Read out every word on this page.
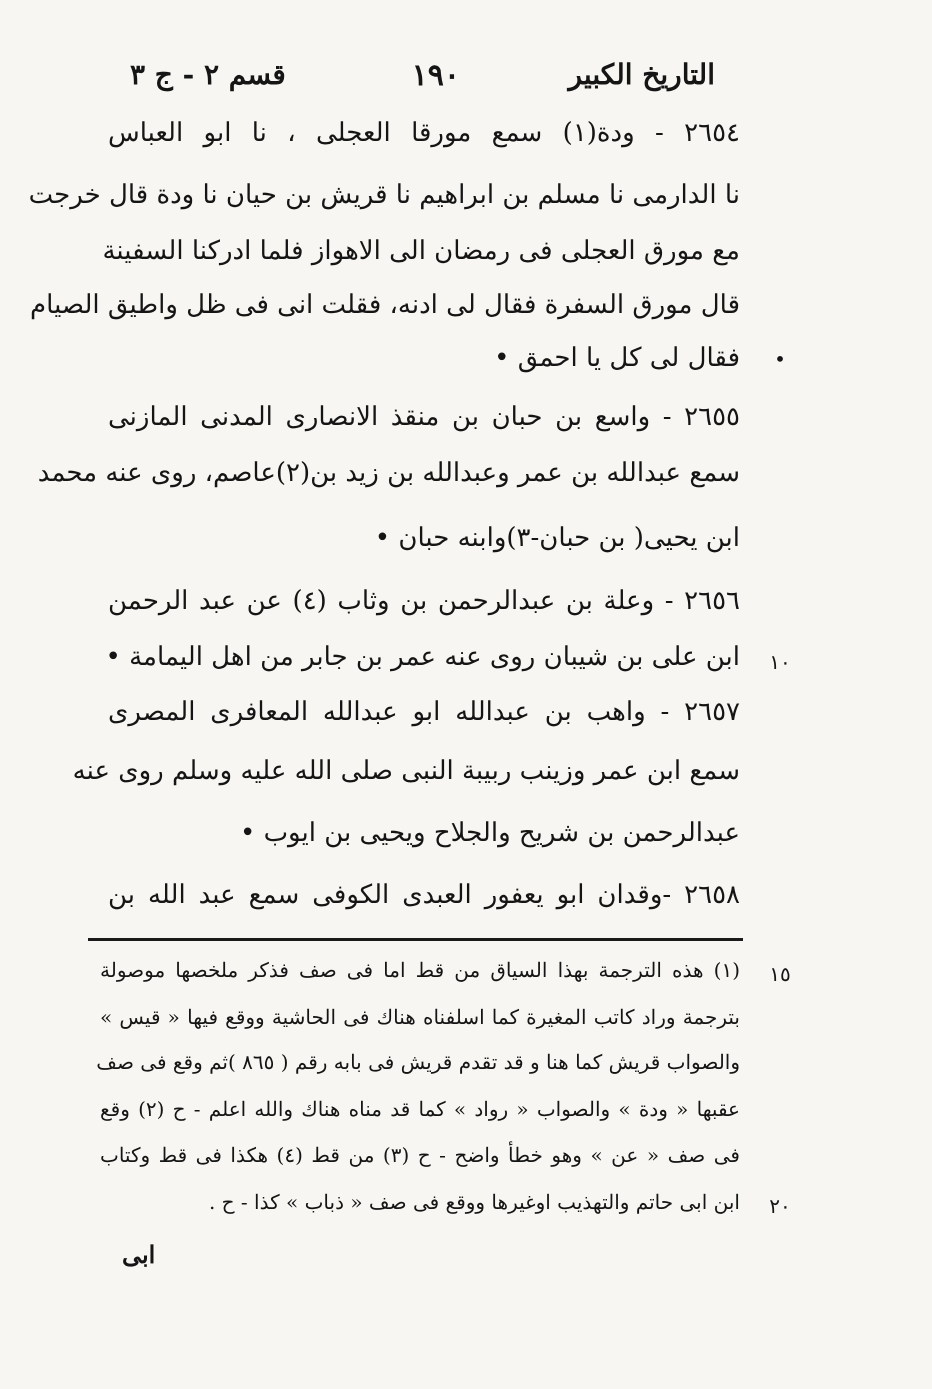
التاريخ الكبير
١٩٠
قسم ٢ - ج ٣
٢٦٥٤ - ودة(١) سمع مورقا العجلى ، نا ابو العباس
نا الدارمى نا مسلم بن ابراهيم نا قريش بن حيان نا ودة قال خرجت
مع مورق العجلى فى رمضان الى الاهواز فلما ادركنا السفينة
قال مورق السفرة فقال لى ادنه، فقلت انى فى ظل واطيق الصيام
فقال لى كل يا احمق •	•
٢٦٥٥ - واسع بن حبان بن منقذ الانصارى المدنى المازنى
سمع عبدالله بن عمر وعبدالله بن زيد بن(٢)عاصم، روى عنه محمد
ابن يحيى( بن حبان-٣)وابنه حبان •
٢٦٥٦ - وعلة بن عبدالرحمن بن وثاب (٤) عن عبد الرحمن
ابن على بن شيبان روى عنه عمر بن جابر من اهل اليمامة •	١٠
٢٦٥٧ - واهب بن عبدالله ابو عبدالله المعافرى المصرى
سمع ابن عمر وزينب ربيبة النبى صلى الله عليه وسلم روى عنه
عبدالرحمن بن شريح والجلاح ويحيى بن ايوب •
٢٦٥٨ -وقدان ابو يعفور العبدى الكوفى سمع عبد الله بن
(١) هذه الترجمة بهذا السياق من قط اما فى صف فذكر ملخصها موصولة	١٥
بترجمة وراد كاتب المغيرة كما اسلفناه هناك فى الحاشية ووقع فيها « قيس »
والصواب قريش كما هنا و قد تقدم قريش فى بابه رقم ( ٨٦٥ )ثم وقع فى صف
عقبها « ودة » والصواب « رواد » كما قد مناه هناك والله اعلم - ح (٢) وقع
فى صف « عن » وهو خطأ واضح - ح (٣) من قط (٤) هكذا فى قط وكتاب
ابن ابى حاتم والتهذيب اوغيرها ووقع فى صف « ذباب » كذا - ح .	٢٠
ابى
